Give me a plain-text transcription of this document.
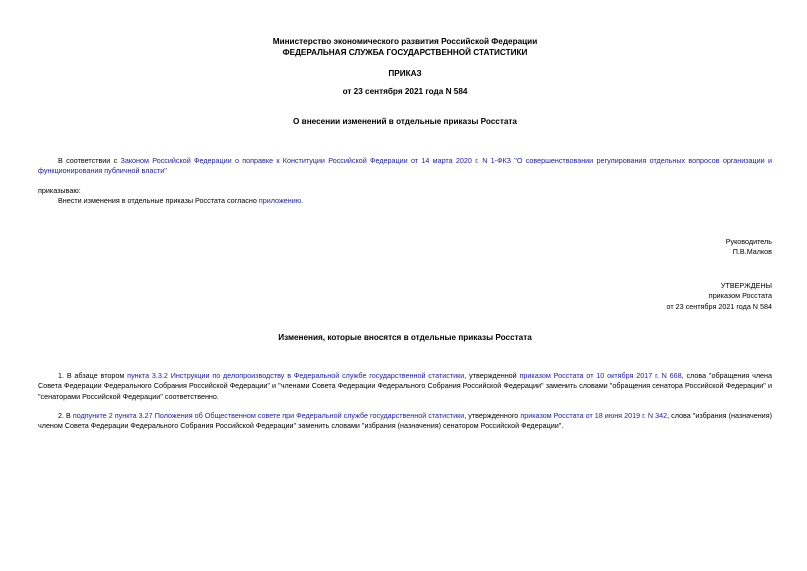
Министерство экономического развития Российской Федерации
ФЕДЕРАЛЬНАЯ СЛУЖБА ГОСУДАРСТВЕННОЙ СТАТИСТИКИ
ПРИКАЗ
от 23 сентября 2021 года N 584
О внесении изменений в отдельные приказы Росстата
В соответствии с Законом Российской Федерации о поправке к Конституции Российской Федерации от 14 марта 2020 г. N 1-ФКЗ "О совершенствовании регулирования отдельных вопросов организации и функционирования публичной власти"
приказываю:
Внести изменения в отдельные приказы Росстата согласно приложению.
Руководитель
П.В.Малков
УТВЕРЖДЕНЫ
приказом Росстата
от 23 сентября 2021 года N 584
Изменения, которые вносятся в отдельные приказы Росстата
1. В абзаце втором пункта 3.3.2 Инструкции по делопроизводству в Федеральной службе государственной статистики, утвержденной приказом Росстата от 10 октября 2017 г. N 668, слова "обращения члена Совета Федерации Федерального Собрания Российской Федерации" и "членами Совета Федерации Федерального Собрания Российской Федерации" заменить словами "обращения сенатора Российской Федерации" и "сенаторами Российской Федерации" соответственно.
2. В подпункте 2 пункта 3.27 Положения об Общественном совете при Федеральной службе государственной статистики, утвержденного приказом Росстата от 18 июня 2019 г. N 342, слова "избрания (назначения) членом Совета Федерации Федерального Собрания Российской Федерации" заменить словами "избрания (назначения) сенатором Российской Федерации".
